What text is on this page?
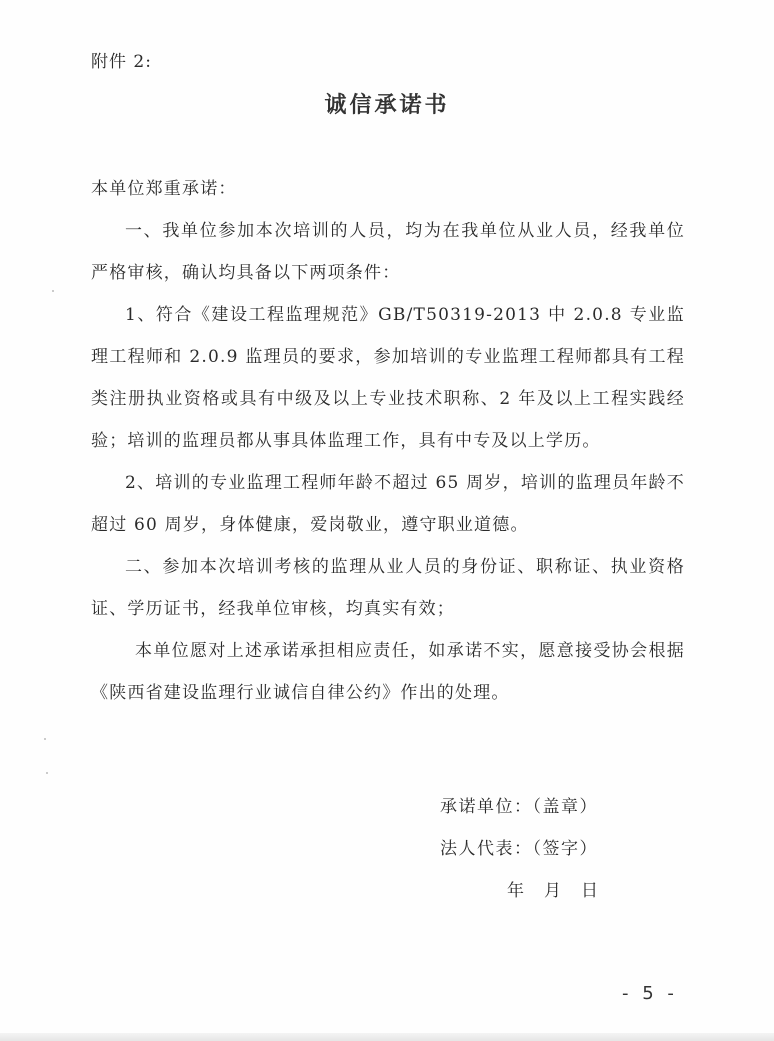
附件 2:
诚信承诺书

本单位郑重承诺：

一、我单位参加本次培训的人员，均为在我单位从业人员，经我单位严格审核，确认均具备以下两项条件：

1、符合《建设工程监理规范》GB/T50319-2013 中 2.0.8 专业监理工程师和 2.0.9 监理员的要求，参加培训的专业监理工程师都具有工程类注册执业资格或具有中级及以上专业技术职称、2 年及以上工程实践经验；培训的监理员都从事具体监理工作，具有中专及以上学历。

2、培训的专业监理工程师年龄不超过 65 周岁，培训的监理员年龄不超过 60 周岁，身体健康，爱岗敬业，遵守职业道德。

二、参加本次培训考核的监理从业人员的身份证、职称证、执业资格证、学历证书，经我单位审核，均真实有效；

本单位愿对上述承诺承担相应责任，如承诺不实，愿意接受协会根据《陕西省建设监理行业诚信自律公约》作出的处理。

承诺单位：（盖章）
法人代表：（签字）
年 月 日
- 5 -
